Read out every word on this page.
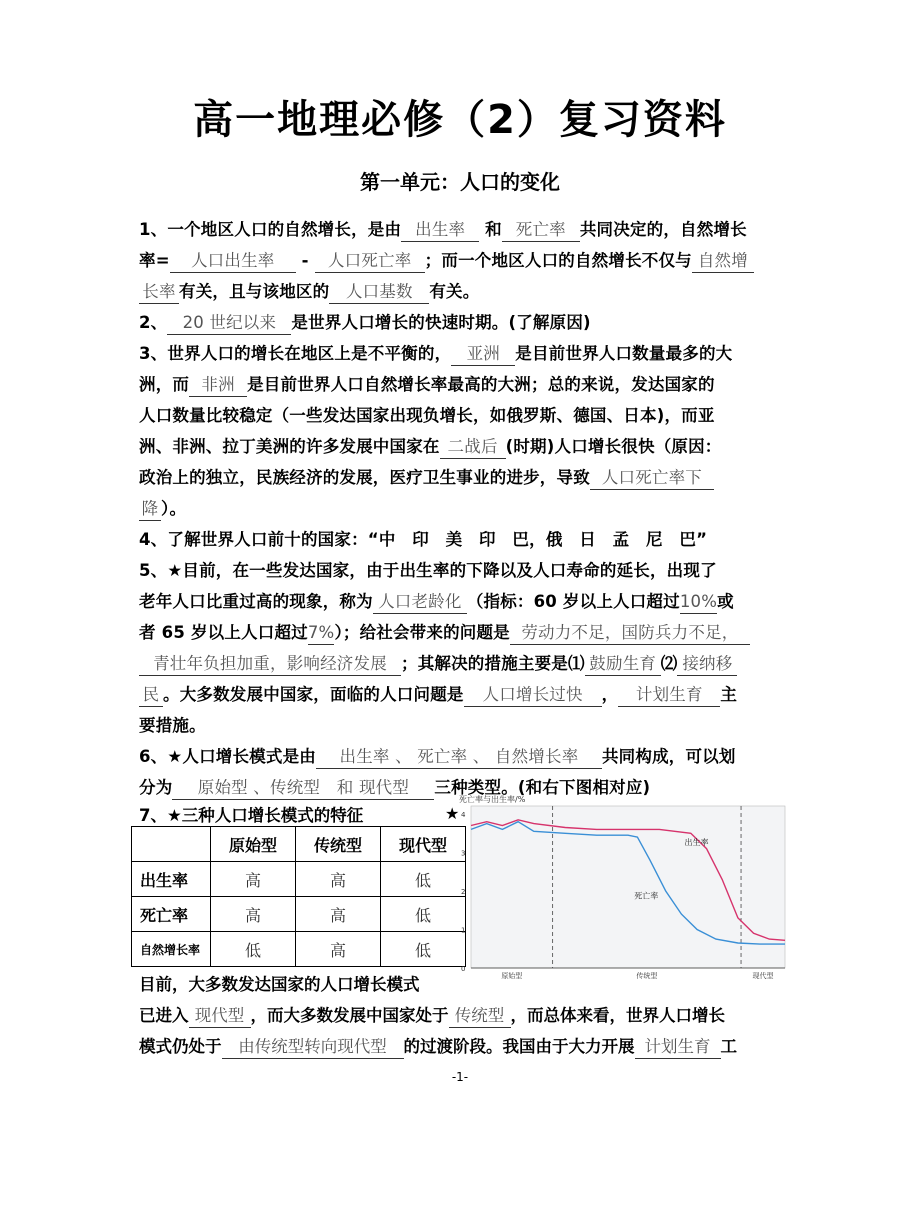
高一地理必修（2）复习资料
第一单元：人口的变化
1、一个地区人口的自然增长，是由 出生率 和死亡率共同决定的，自然增长
率= 人口出生率 - 人口死亡率 ；而一个地区人口的自然增长不仅与 自然增
长率 有关，且与该地区的 人口基数 有关。
2、 20 世纪以来 是世界人口增长的快速时期。(了解原因)
3、世界人口的增长在地区上是不平衡的， 亚洲 是目前世界人口数量最多的大
洲，而 非洲 是目前世界人口自然增长率最高的大洲；总的来说，发达国家的
人口数量比较稳定（一些发达国家出现负增长，如俄罗斯、德国、日本)，而亚
洲、非洲、拉丁美洲的许多发展中国家在 二战后 (时期)人口增长很快（原因：
政治上的独立，民族经济的发展，医疗卫生事业的进步，导致 人口死亡率下
降 ）。
4、了解世界人口前十的国家：“中　印　美　印　巴，俄　日　孟　尼　巴”
5、★目前，在一些发达国家，由于出生率的下降以及人口寿命的延长，出现了
老年人口比重过高的现象，称为 人口老龄化 （指标：60 岁以上人口超过10%或
者 65 岁以上人口超过7%）；给社会带来的问题是 劳动力不足，国防兵力不足，
青壮年负担加重，影响经济发展 ；其解决的措施主要是⑴ 鼓励生育 ⑵ 接纳移
民 。大多数发展中国家，面临的人口问题是 人口增长过快 ， 计划生育 主
要措施。
6、★人口增长模式是由 出生率 、 死亡率 、 自然增长率 共同构成，可以划
分为 原始型 、传统型　和 现代型 三种类型。(和右下图相对应)
7、★三种人口增长模式的特征
	原始型	传统型	现代型
出生率	高	高	低
死亡率	高	高	低
自然增长率	低	高	低
★
死亡率与出生率/%
0
1
2
3
4
原始型	传统型	现代型
出生率
死亡率
目前，大多数发达国家的人口增长模式
已进入 现代型 ，而大多数发展中国家处于 传统型 ，而总体来看，世界人口增长
模式仍处于 由传统型转向现代型 的过渡阶段。我国由于大力开展 计划生育 工
-1-
